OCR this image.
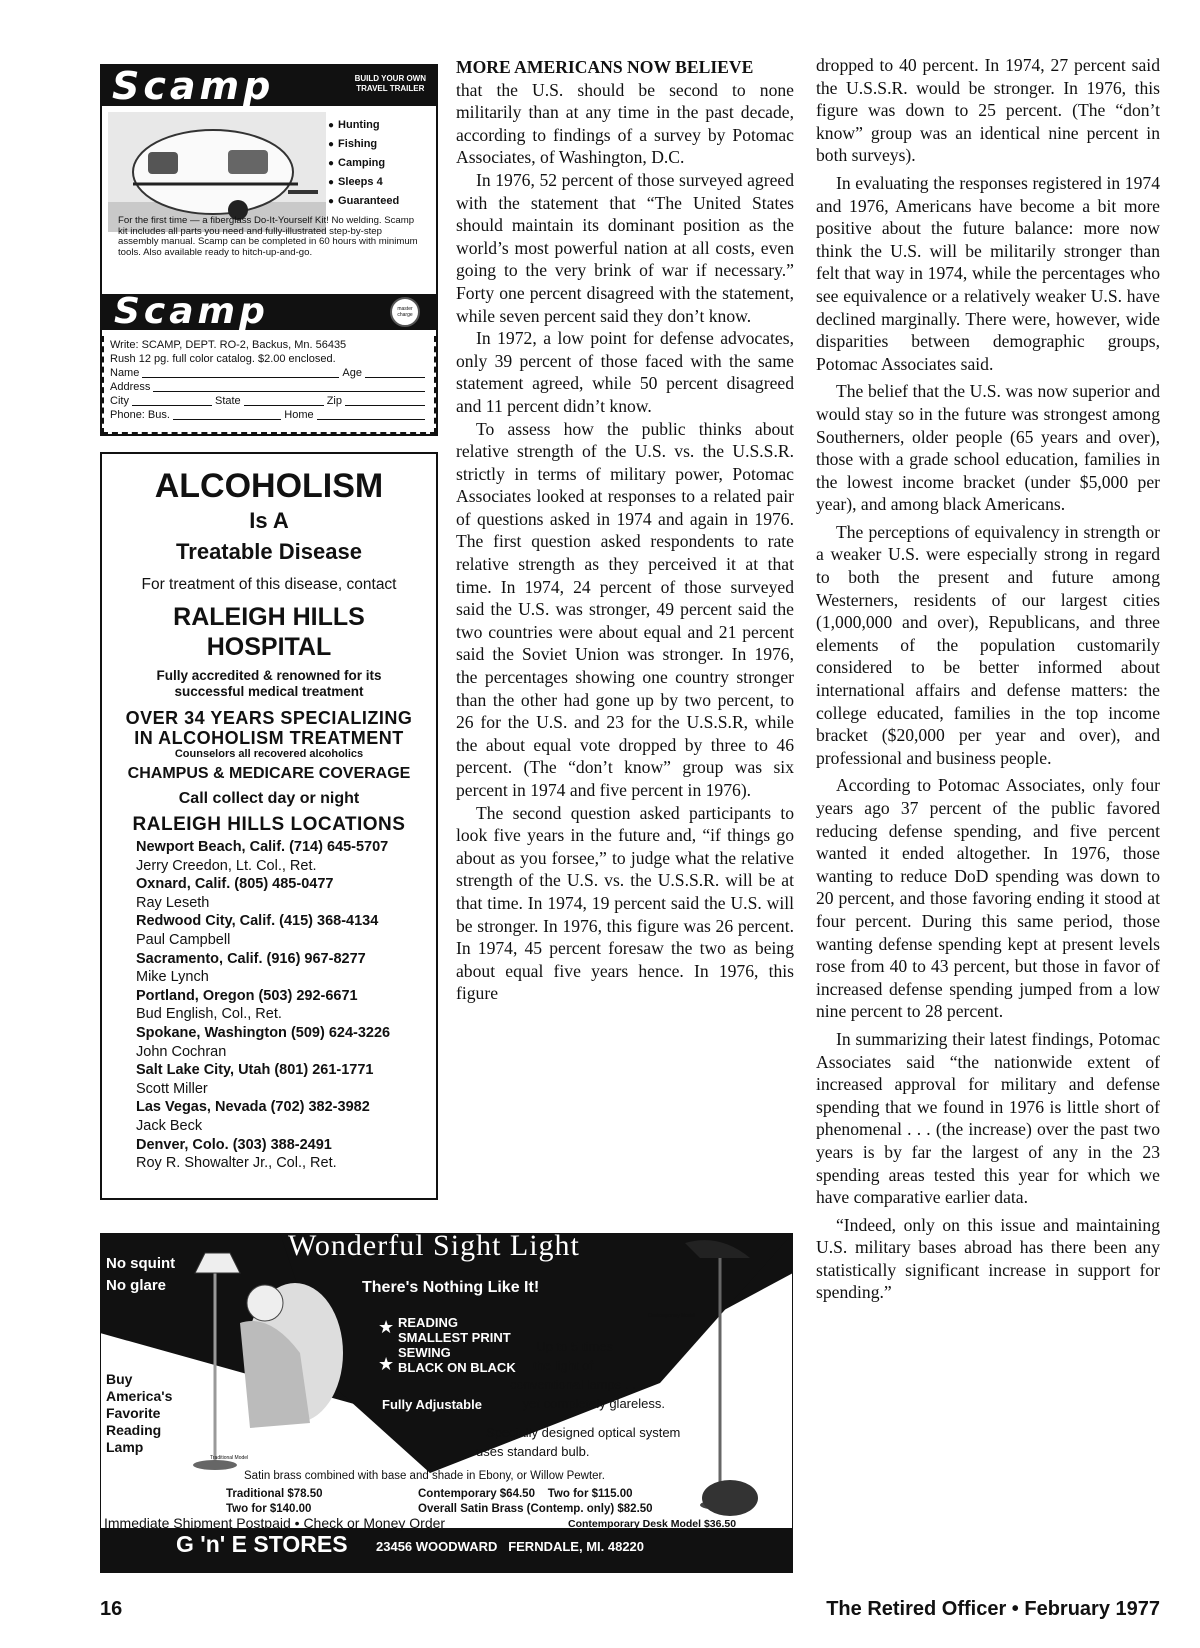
Scamp	BUILD YOUR OWN
TRAVEL TRAILER
● Hunting
● Fishing
● Camping
● Sleeps 4
● Guaranteed
For the first time — a fiberglass Do-It-Yourself Kit! No welding. Scamp kit includes all parts you need and fully-illustrated step-by-step assembly manual. Scamp can be completed in 60 hours with minimum tools. Also available ready to hitch-up-and-go.
Scamp	master charge
Write: SCAMP, DEPT. RO-2, Backus, Mn. 56435
Rush 12 pg. full color catalog. $2.00 enclosed.
Name	Age
Address
City	State	Zip
Phone: Bus.	Home
ALCOHOLISM
Is A
Treatable Disease
For treatment of this disease, contact
RALEIGH HILLS
HOSPITAL
Fully accredited & renowned for its
successful medical treatment
OVER 34 YEARS SPECIALIZING
IN ALCOHOLISM TREATMENT
Counselors all recovered alcoholics
CHAMPUS & MEDICARE COVERAGE
Call collect day or night
RALEIGH HILLS LOCATIONS
Newport Beach, Calif. (714) 645-5707
Jerry Creedon, Lt. Col., Ret.
Oxnard, Calif. (805) 485-0477
Ray Leseth
Redwood City, Calif. (415) 368-4134
Paul Campbell
Sacramento, Calif. (916) 967-8277
Mike Lynch
Portland, Oregon (503) 292-6671
Bud English, Col., Ret.
Spokane, Washington (509) 624-3226
John Cochran
Salt Lake City, Utah (801) 261-1771
Scott Miller
Las Vegas, Nevada (702) 382-3982
Jack Beck
Denver, Colo. (303) 388-2491
Roy R. Showalter Jr., Col., Ret.
★
★
No squint
No glare
Wonderful Sight Light
There's Nothing Like It!
READING
SMALLEST PRINT
SEWING
BLACK ON BLACK
Fully Adjustable
Buy
America's
Favorite
Reading
Lamp
Contemporary Model
Traditional Model
Up to 5 times
the light of
conventional lamps . . .
yet completely glareless.
Specially designed optical system
uses standard bulb.
Satin brass combined with base and shade in Ebony, or Willow Pewter.
Traditional $78.50
Two for $140.00
Contemporary $64.50 Two for $115.00
Overall Satin Brass (Contemp. only) $82.50
Immediate Shipment Postpaid • Check or Money Order	Contemporary Desk Model $36.50
G 'n' E STORES 23456 WOODWARD   FERNDALE, MI. 48220

MORE AMERICANS NOW BELIEVE
that the U.S. should be second to none militarily than at any time in the past decade, according to findings of a survey by Potomac Associates, of Washington, D.C.

In 1976, 52 percent of those surveyed agreed with the statement that “The United States should maintain its dominant position as the world’s most powerful nation at all costs, even going to the very brink of war if necessary.” Forty one percent disagreed with the statement, while seven percent said they don’t know.

In 1972, a low point for defense advocates, only 39 percent of those faced with the same statement agreed, while 50 percent disagreed and 11 percent didn’t know.

To assess how the public thinks about relative strength of the U.S. vs. the U.S.S.R. strictly in terms of military power, Potomac Associates looked at responses to a related pair of questions asked in 1974 and again in 1976. The first question asked respondents to rate relative strength as they perceived it at that time. In 1974, 24 percent of those surveyed said the U.S. was stronger, 49 percent said the two countries were about equal and 21 percent said the Soviet Union was stronger. In 1976, the percentages showing one country stronger than the other had gone up by two percent, to 26 for the U.S. and 23 for the U.S.S.R, while the about equal vote dropped by three to 46 percent. (The “don’t know” group was six percent in 1974 and five percent in 1976).

The second question asked participants to look five years in the future and, “if things go about as you forsee,” to judge what the relative strength of the U.S. vs. the U.S.S.R. will be at that time. In 1974, 19 percent said the U.S. will be stronger. In 1976, this figure was 26 percent. In 1974, 45 percent foresaw the two as being about equal five years hence. In 1976, this figure

dropped to 40 percent. In 1974, 27 percent said the U.S.S.R. would be stronger. In 1976, this figure was down to 25 percent. (The “don’t know” group was an identical nine percent in both surveys).

In evaluating the responses registered in 1974 and 1976, Americans have become a bit more positive about the future balance: more now think the U.S. will be militarily stronger than felt that way in 1974, while the percentages who see equivalence or a relatively weaker U.S. have declined marginally. There were, however, wide disparities between demographic groups, Potomac Associates said.

The belief that the U.S. was now superior and would stay so in the future was strongest among Southerners, older people (65 years and over), those with a grade school education, families in the lowest income bracket (under $5,000 per year), and among black Americans.

The perceptions of equivalency in strength or a weaker U.S. were especially strong in regard to both the present and future among Westerners, residents of our largest cities (1,000,000 and over), Republicans, and three elements of the population customarily considered to be better informed about international affairs and defense matters: the college educated, families in the top income bracket ($20,000 per year and over), and professional and business people.

According to Potomac Associates, only four years ago 37 percent of the public favored reducing defense spending, and five percent wanted it ended altogether. In 1976, those wanting to reduce DoD spending was down to 20 percent, and those favoring ending it stood at four percent. During this same period, those wanting defense spending kept at present levels rose from 40 to 43 percent, but those in favor of increased defense spending jumped from a low nine percent to 28 percent.

In summarizing their latest findings, Potomac Associates said “the nationwide extent of increased approval for military and defense spending that we found in 1976 is little short of phenomenal . . . (the increase) over the past two years is by far the largest of any in the 23 spending areas tested this year for which we have comparative earlier data.

“Indeed, only on this issue and maintaining U.S. military bases abroad has there been any statistically significant increase in support for spending.”

16	The Retired Officer • February 1977
